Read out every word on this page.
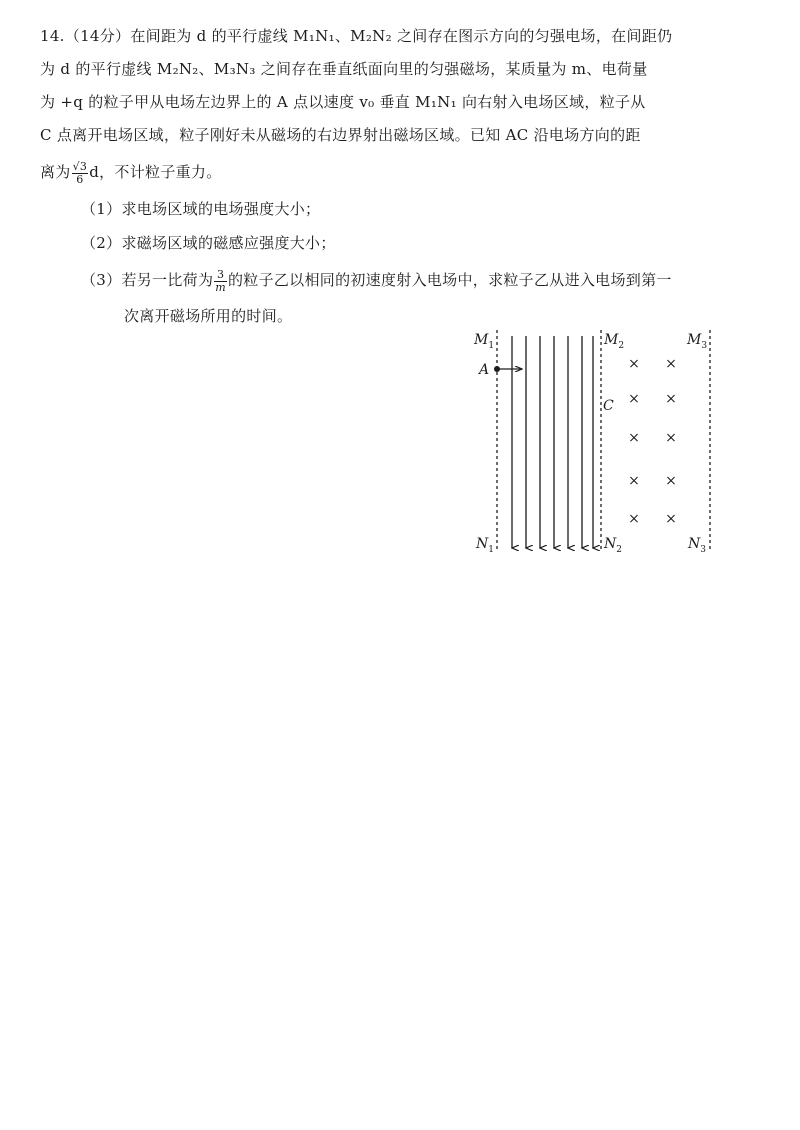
14.（14分）在间距为 d 的平行虚线 M₁N₁、M₂N₂ 之间存在图示方向的匀强电场，在间距仍
为 d 的平行虚线 M₂N₂、M₃N₃ 之间存在垂直纸面向里的匀强磁场，某质量为 m、电荷量
为 +q 的粒子甲从电场左边界上的 A 点以速度 v₀ 垂直 M₁N₁ 向右射入电场区域，粒子从
C 点离开电场区域，粒子刚好未从磁场的右边界射出磁场区域。已知 AC 沿电场方向的距
离为 $\frac{√3}{6}$ d，不计粒子重力。
（1）求电场区域的电场强度大小；
（2）求磁场区域的磁感应强度大小；
（3）若另一比荷为 $\frac{3}{m}$ 的粒子乙以相同的初速度射入电场中，求粒子乙从进入电场到第一
次离开磁场所用的时间。
× ×
× ×
× ×
× ×
× ×
$M_1$	$M_2$	$M_3$
$N_1$	$N_2$	$N_3$
A
C
